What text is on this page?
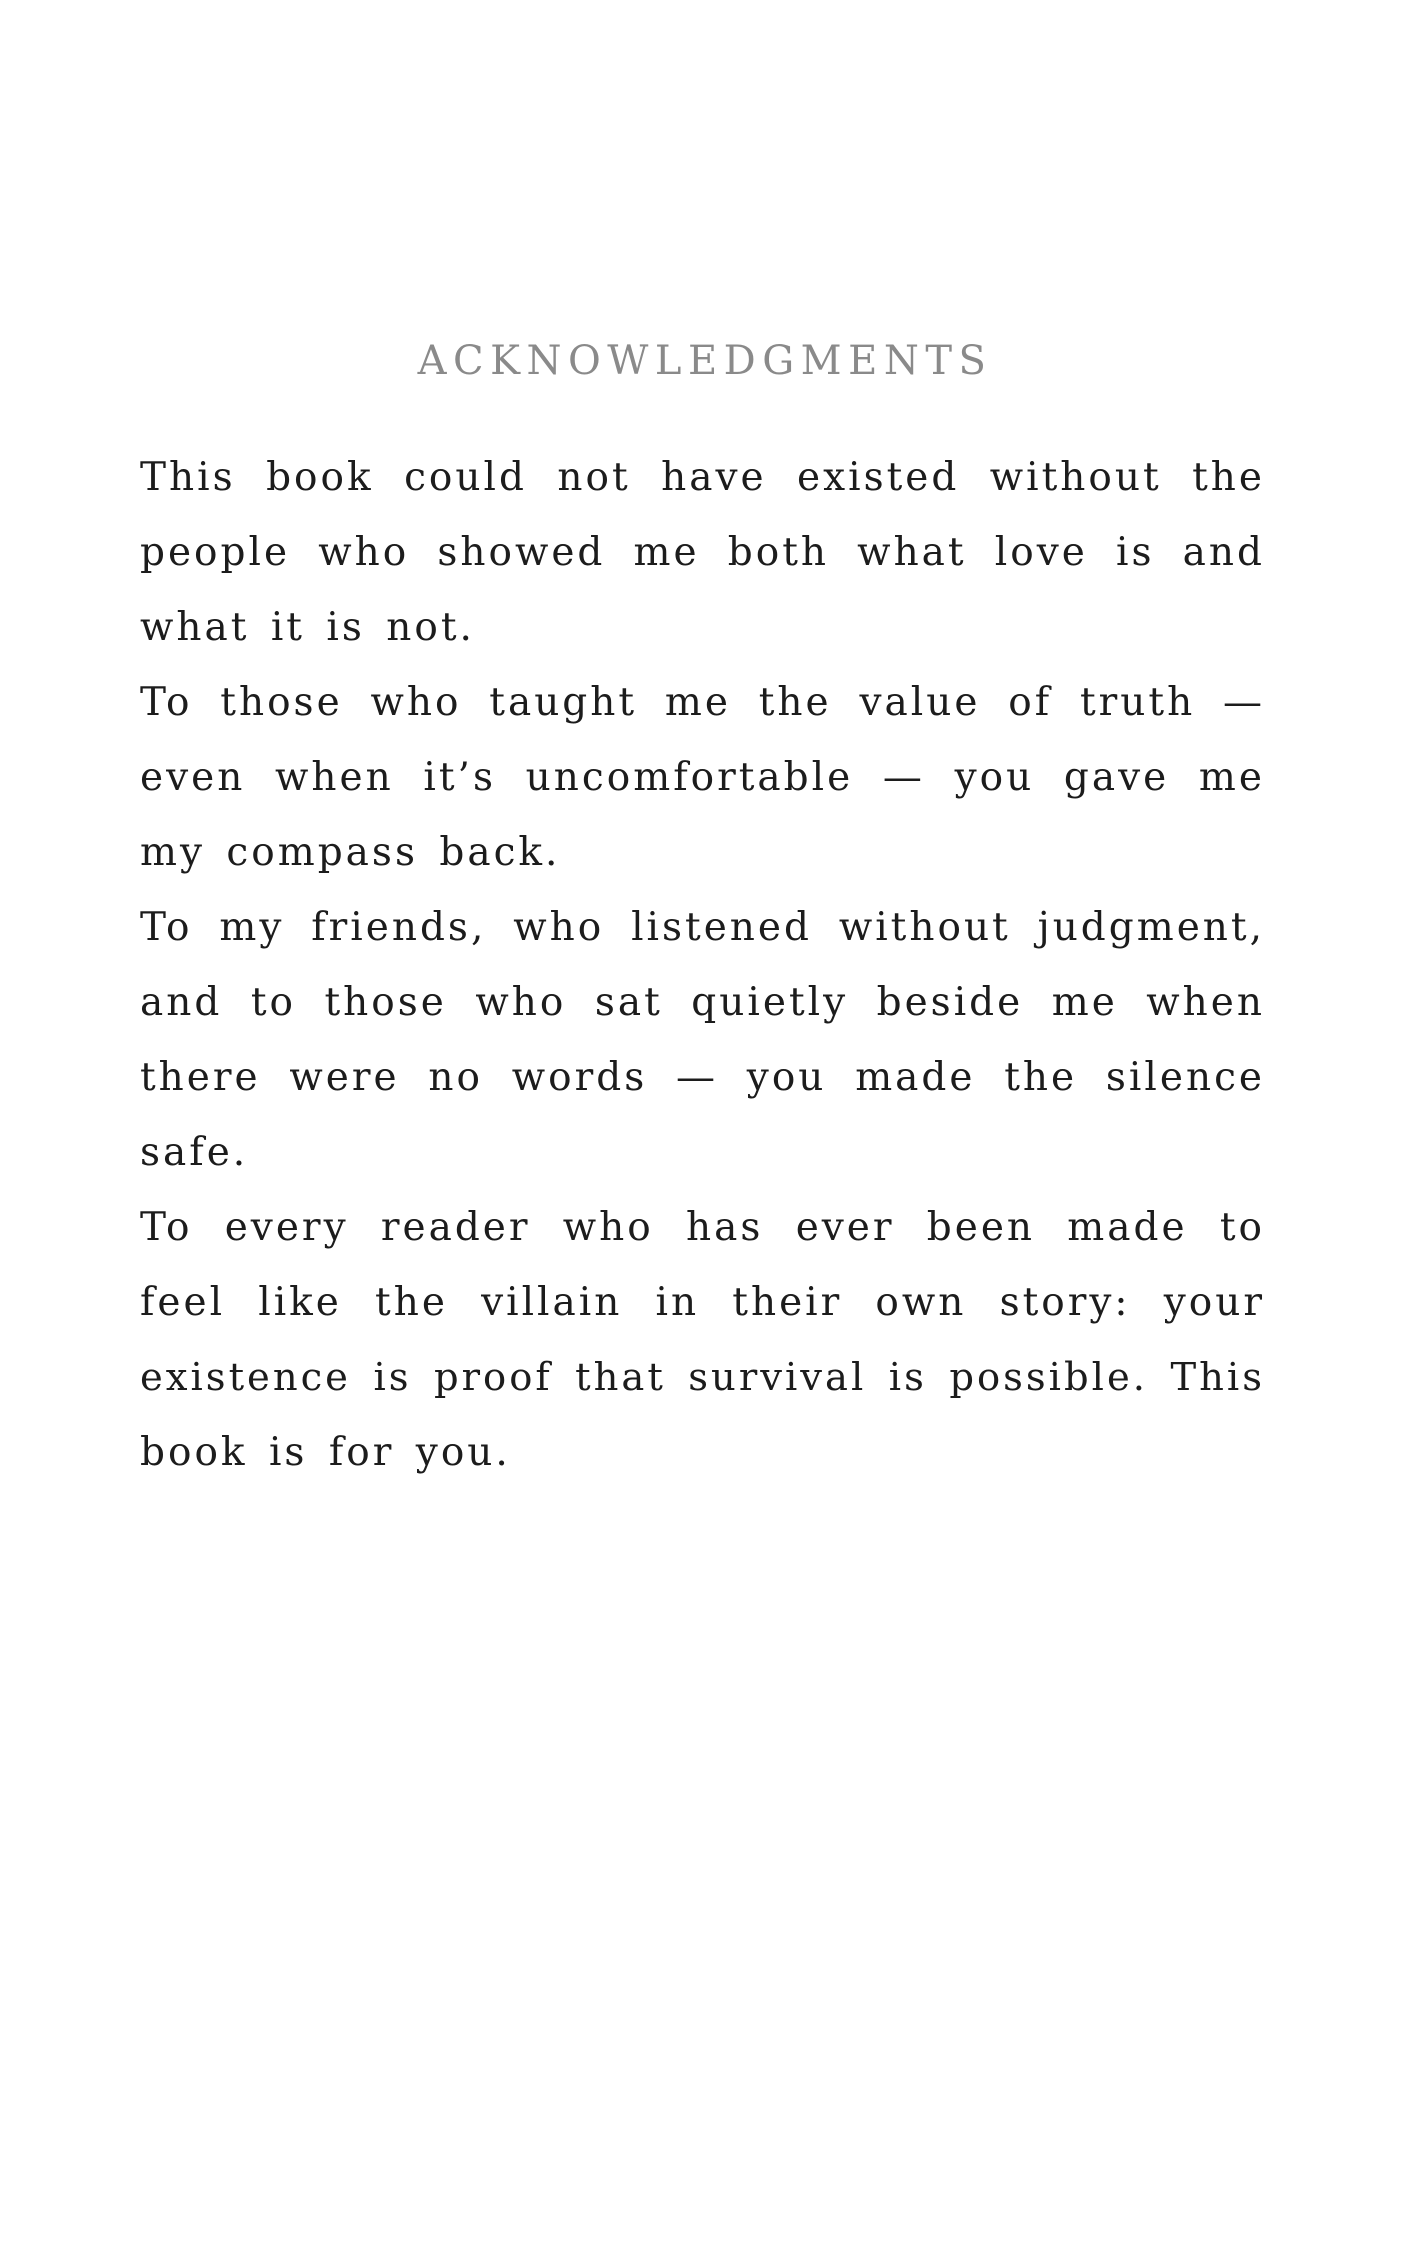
ACKNOWLEDGMENTS
This book could not have existed without the
people who showed me both what love is and
what it is not.
To those who taught me the value of truth —
even when it’s uncomfortable — you gave me
my compass back.
To my friends, who listened without judgment,
and to those who sat quietly beside me when
there were no words — you made the silence
safe.
To every reader who has ever been made to
feel like the villain in their own story: your
existence is proof that survival is possible. This
book is for you.
